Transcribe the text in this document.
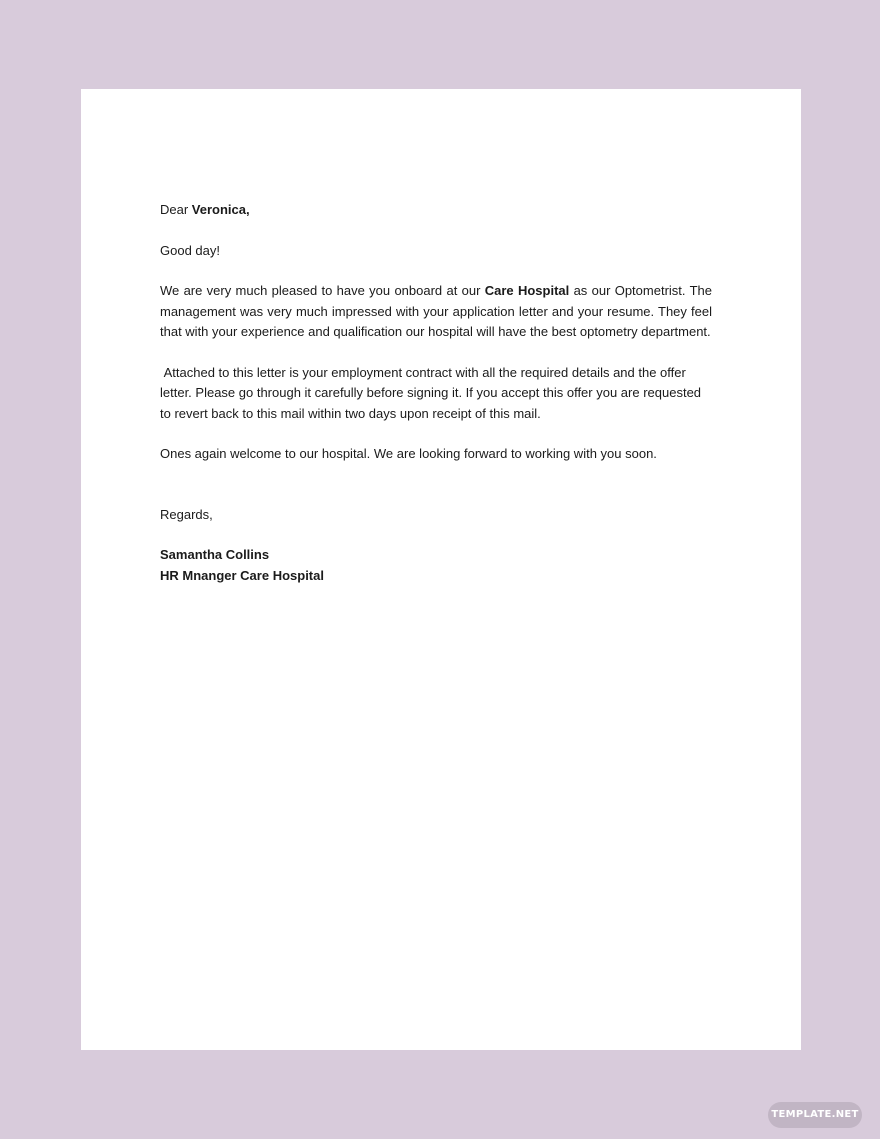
Dear Veronica,

Good day!

We are very much pleased to have you onboard at our Care Hospital as our Optometrist. The management was very much impressed with your application letter and your resume. They feel that with your experience and qualification our hospital will have the best optometry department.

Attached to this letter is your employment contract with all the required details and the offer letter. Please go through it carefully before signing it. If you accept this offer you are requested to revert back to this mail within two days upon receipt of this mail.

Ones again welcome to our hospital. We are looking forward to working with you soon.

Regards,

Samantha Collins

HR Mnanger Care Hospital

TEMPLATE.NET
